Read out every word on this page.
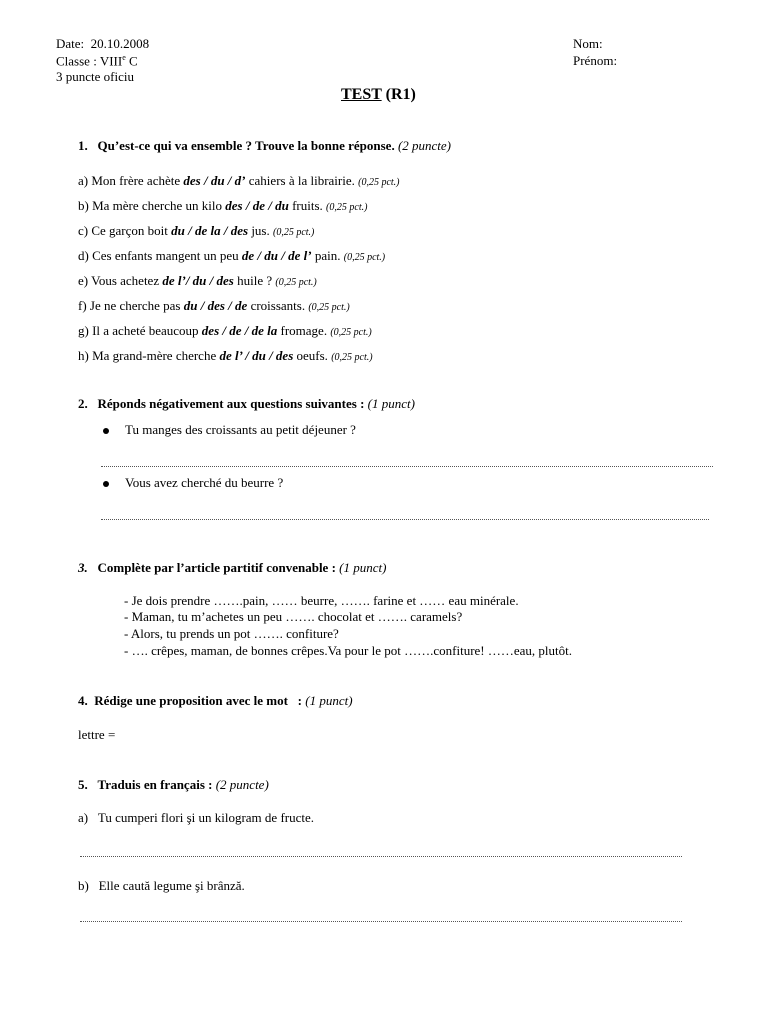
Date: 20.10.2008
Classe : VIIIe C
3 puncte oficiu
Nom:
Prénom:
TEST (R1)
1. Qu’est-ce qui va ensemble ? Trouve la bonne réponse. (2 puncte)
a) Mon frère achète des / du / d’ cahiers à la librairie. (0,25 pct.)
b) Ma mère cherche un kilo des / de / du fruits. (0,25 pct.)
c) Ce garçon boit du / de la / des jus. (0,25 pct.)
d) Ces enfants mangent un peu de / du / de l’ pain. (0,25 pct.)
e) Vous achetez de l’/ du / des huile ? (0,25 pct.)
f) Je ne cherche pas du / des / de croissants. (0,25 pct.)
g) Il a acheté beaucoup des / de / de la fromage. (0,25 pct.)
h) Ma grand-mère cherche de l’ / du / des oeufs. (0,25 pct.)
2. Réponds négativement aux questions suivantes : (1 punct)
Tu manges des croissants au petit déjeuner ?
Vous avez cherché du beurre ?
3. Complète par l’article partitif convenable : (1 punct)
- Je dois prendre …….pain, …… beurre, ……. farine et …… eau minérale.
- Maman, tu m’achetes un peu ……. chocolat et ……. caramels?
- Alors, tu prends un pot ……. confiture?
- …. crêpes, maman, de bonnes crêpes.Va pour le pot …….confiture! ……eau, plutôt.
4. Rédige une proposition avec le mot : (1 punct)
lettre =
5. Traduis en français : (2 puncte)
a) Tu cumperi flori şi un kilogram de fructe.
b) Elle caută legume şi brânză.
